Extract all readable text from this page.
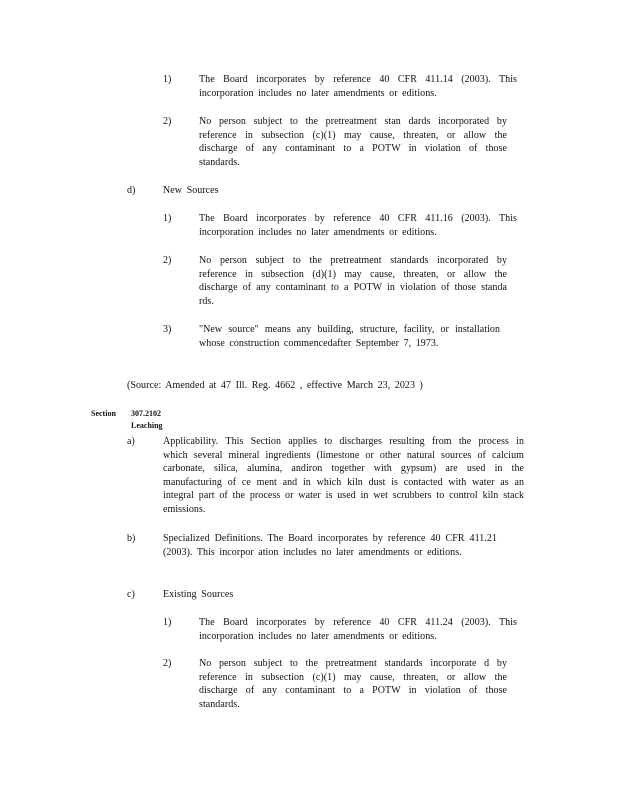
1)	The Board incorporates by reference 40 CFR 411.14 (2003). This incorporation includes no later amendments or editions.
2)	No person subject to the pretreatment stan dards incorporated by reference in subsection (c)(1) may cause, threaten, or allow the discharge of any contaminant to a POTW in violation of those standards.
d)	New Sources
1)	The Board incorporates by reference 40 CFR 411.16 (2003). This incorporation includes no later amendments or editions.
2)	No person subject to the pretreatment standards incorporated by reference in subsection (d)(1) may cause, threaten, or allow the discharge of any contaminant to a POTW in violation of those standa rds.
3)	"New source" means any building, structure, facility, or installation whose construction commencedafter September 7, 1973.
(Source: Amended at 47 Ill. Reg. 4662 , effective March 23, 2023 )
Section 307.2102 Leaching
a)	Applicability. This Section applies to discharges resulting from the process in which several mineral ingredients (limestone or other natural sources of calcium carbonate, silica, alumina, andiron together with gypsum) are used in the manufacturing of ce ment and in which kiln dust is contacted with water as an integral part of the process or water is used in wet scrubbers to control kiln stack emissions.
b)	Specialized Definitions. The Board incorporates by reference 40 CFR 411.21 (2003). This incorpor ation includes no later amendments or editions.
c)	Existing Sources
1)	The Board incorporates by reference 40 CFR 411.24 (2003). This incorporation includes no later amendments or editions.
2)	No person subject to the pretreatment standards incorporate d by reference in subsection (c)(1) may cause, threaten, or allow the discharge of any contaminant to a POTW in violation of those standards.
